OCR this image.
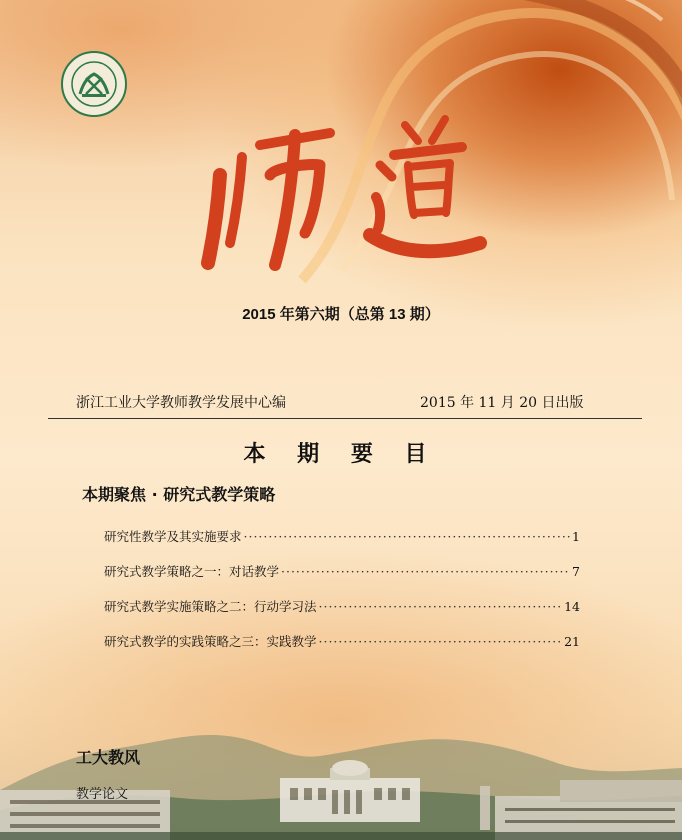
2015 年第六期（总第 13 期）
浙江工业大学教师教学发展中心编	2015 年 11 月 20 日出版
本 期 要 目
本期聚焦 · 研究式教学策略
研究性教学及其实施要求 ·····	1
研究式教学策略之一：对话教学 ·····	7
研究式教学实施策略之二：行动学习法 ·····	14
研究式教学的实践策略之三：实践教学 ·····	21
工大教风
教学论文
